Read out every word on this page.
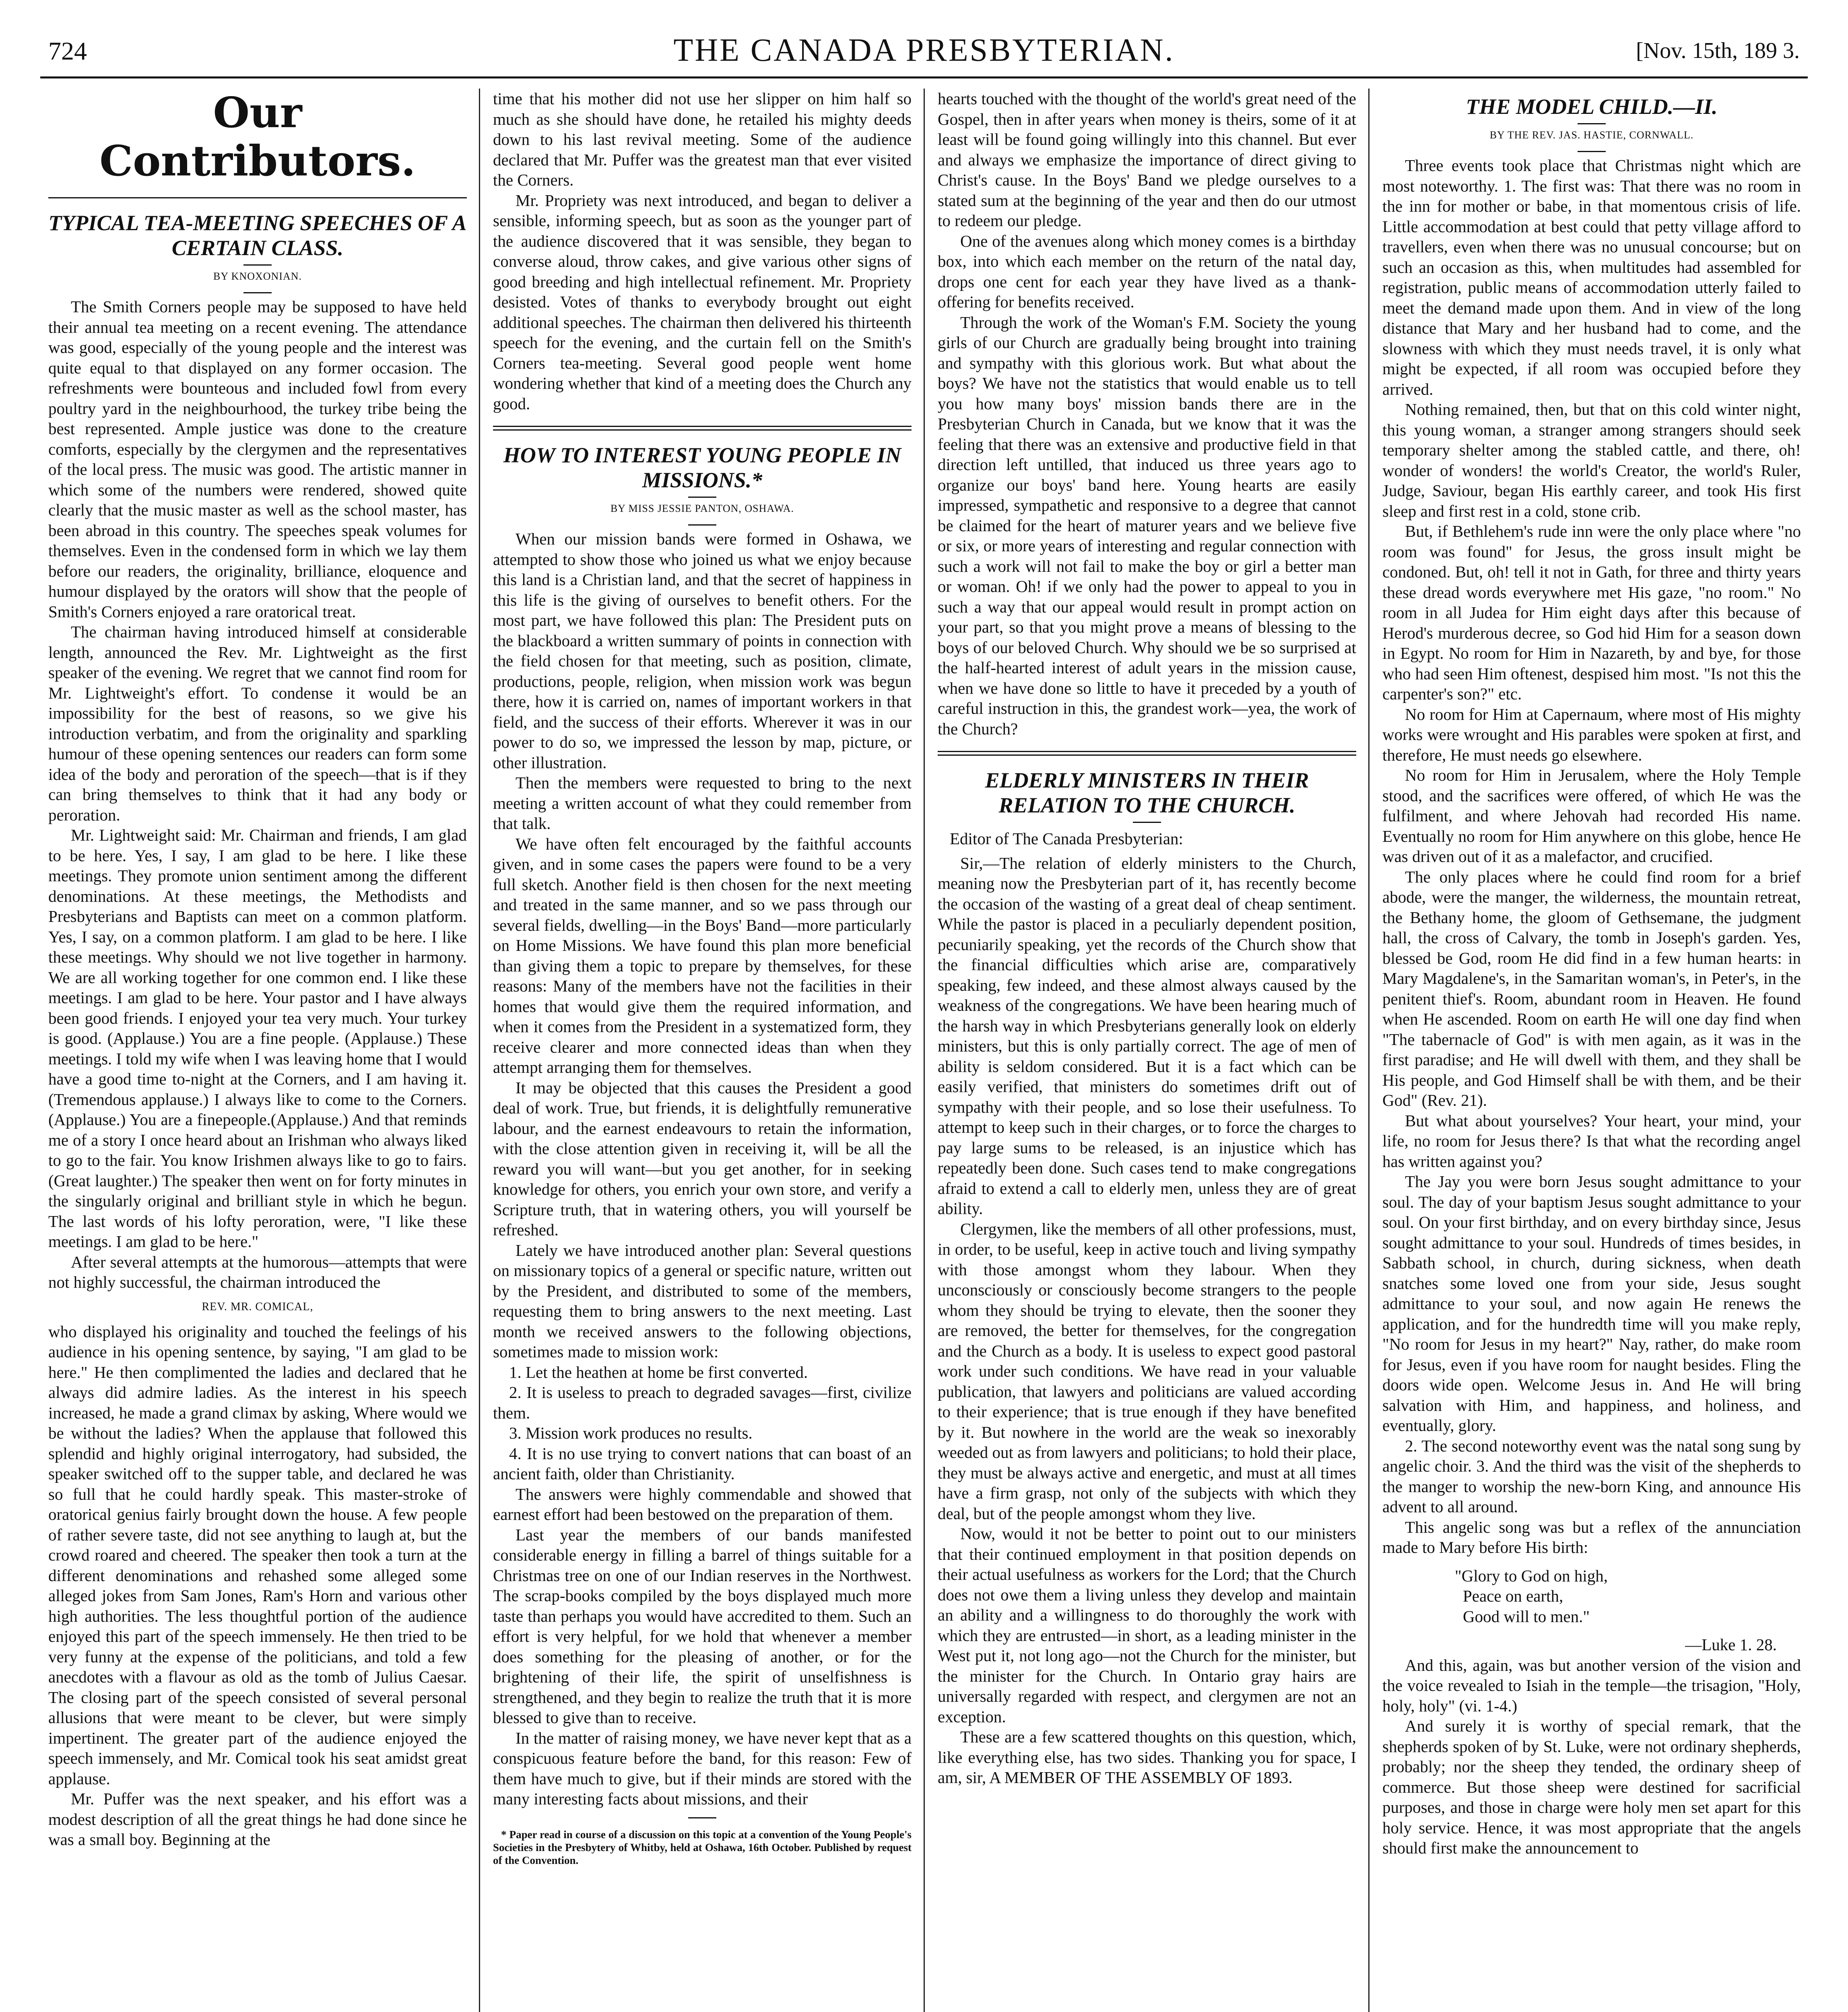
724	THE CANADA PRESBYTERIAN.	[Nov. 15th, 189 3.
Our Contributors.
TYPICAL TEA-MEETING SPEECHES OF A CERTAIN CLASS.
BY KNOXONIAN.

The Smith Corners people may be supposed to have held their annual tea meeting on a recent evening. The attendance was good, especially of the young people and the interest was quite equal to that displayed on any former occasion. The refreshments were bounteous and included fowl from every poultry yard in the neighbourhood, the turkey tribe being the best represented. Ample justice was done to the creature comforts, especially by the clergymen and the representatives of the local press. The music was good. The artistic manner in which some of the numbers were rendered, showed quite clearly that the music master as well as the school master, has been abroad in this country. The speeches speak volumes for themselves. Even in the condensed form in which we lay them before our readers, the originality, brilliance, eloquence and humour displayed by the orators will show that the people of Smith's Corners enjoyed a rare oratorical treat.

The chairman having introduced himself at considerable length, announced the Rev. Mr. Lightweight as the first speaker of the evening. We regret that we cannot find room for Mr. Lightweight's effort. To condense it would be an impossibility for the best of reasons, so we give his introduction verbatim, and from the originality and sparkling humour of these opening sentences our readers can form some idea of the body and peroration of the speech—that is if they can bring themselves to think that it had any body or peroration.

Mr. Lightweight said: Mr. Chairman and friends, I am glad to be here. Yes, I say, I am glad to be here. I like these meetings. They promote union sentiment among the different denominations. At these meetings, the Methodists and Presbyterians and Baptists can meet on a common platform. Yes, I say, on a common platform. I am glad to be here. I like these meetings. Why should we not live together in harmony. We are all working together for one common end. I like these meetings. I am glad to be here. Your pastor and I have always been good friends. I enjoyed your tea very much. Your turkey is good. (Applause.) You are a fine people. (Applause.) These meetings. I told my wife when I was leaving home that I would have a good time to-night at the Corners, and I am having it. (Tremendous applause.) I always like to come to the Corners. (Applause.) You are a finepeople.(Applause.) And that reminds me of a story I once heard about an Irishman who always liked to go to the fair. You know Irishmen always like to go to fairs. (Great laughter.) The speaker then went on for forty minutes in the singularly original and brilliant style in which he begun. The last words of his lofty peroration, were, "I like these meetings. I am glad to be here."

After several attempts at the humorous—attempts that were not highly successful, the chairman introduced the

REV. MR. COMICAL,

who displayed his originality and touched the feelings of his audience in his opening sentence, by saying, "I am glad to be here." He then complimented the ladies and declared that he always did admire ladies. As the interest in his speech increased, he made a grand climax by asking, Where would we be without the ladies? When the applause that followed this splendid and highly original interrogatory, had subsided, the speaker switched off to the supper table, and declared he was so full that he could hardly speak. This master-stroke of oratorical genius fairly brought down the house. A few people of rather severe taste, did not see anything to laugh at, but the crowd roared and cheered. The speaker then took a turn at the different denominations and rehashed some alleged some alleged jokes from Sam Jones, Ram's Horn and various other high authorities. The less thoughtful portion of the audience enjoyed this part of the speech immensely. He then tried to be very funny at the expense of the politicians, and told a few anecdotes with a flavour as old as the tomb of Julius Caesar. The closing part of the speech consisted of several personal allusions that were meant to be clever, but were simply impertinent. The greater part of the audience enjoyed the speech immensely, and Mr. Comical took his seat amidst great applause.

Mr. Puffer was the next speaker, and his effort was a modest description of all the great things he had done since he was a small boy. Beginning at the

time that his mother did not use her slipper on him half so much as she should have done, he retailed his mighty deeds down to his last revival meeting. Some of the audience declared that Mr. Puffer was the greatest man that ever visited the Corners.

Mr. Propriety was next introduced, and began to deliver a sensible, informing speech, but as soon as the younger part of the audience discovered that it was sensible, they began to converse aloud, throw cakes, and give various other signs of good breeding and high intellectual refinement. Mr. Propriety desisted. Votes of thanks to everybody brought out eight additional speeches. The chairman then delivered his thirteenth speech for the evening, and the curtain fell on the Smith's Corners tea-meeting. Several good people went home wondering whether that kind of a meeting does the Church any good.

HOW TO INTEREST YOUNG PEOPLE IN MISSIONS.*
BY MISS JESSIE PANTON, OSHAWA.

When our mission bands were formed in Oshawa, we attempted to show those who joined us what we enjoy because this land is a Christian land, and that the secret of happiness in this life is the giving of ourselves to benefit others. For the most part, we have followed this plan: The President puts on the blackboard a written summary of points in connection with the field chosen for that meeting, such as position, climate, productions, people, religion, when mission work was begun there, how it is carried on, names of important workers in that field, and the success of their efforts. Wherever it was in our power to do so, we impressed the lesson by map, picture, or other illustration.

Then the members were requested to bring to the next meeting a written account of what they could remember from that talk.

We have often felt encouraged by the faithful accounts given, and in some cases the papers were found to be a very full sketch. Another field is then chosen for the next meeting and treated in the same manner, and so we pass through our several fields, dwelling—in the Boys' Band—more particularly on Home Missions. We have found this plan more beneficial than giving them a topic to prepare by themselves, for these reasons: Many of the members have not the facilities in their homes that would give them the required information, and when it comes from the President in a systematized form, they receive clearer and more connected ideas than when they attempt arranging them for themselves.

It may be objected that this causes the President a good deal of work. True, but friends, it is delightfully remunerative labour, and the earnest endeavours to retain the information, with the close attention given in receiving it, will be all the reward you will want—but you get another, for in seeking knowledge for others, you enrich your own store, and verify a Scripture truth, that in watering others, you will yourself be refreshed.

Lately we have introduced another plan: Several questions on missionary topics of a general or specific nature, written out by the President, and distributed to some of the members, requesting them to bring answers to the next meeting. Last month we received answers to the following objections, sometimes made to mission work:

1. Let the heathen at home be first converted.

2. It is useless to preach to degraded savages—first, civilize them.

3. Mission work produces no results.

4. It is no use trying to convert nations that can boast of an ancient faith, older than Christianity.

The answers were highly commendable and showed that earnest effort had been bestowed on the preparation of them.

Last year the members of our bands manifested considerable energy in filling a barrel of things suitable for a Christmas tree on one of our Indian reserves in the Northwest. The scrap-books compiled by the boys displayed much more taste than perhaps you would have accredited to them. Such an effort is very helpful, for we hold that whenever a member does something for the pleasing of another, or for the brightening of their life, the spirit of unselfishness is strengthened, and they begin to realize the truth that it is more blessed to give than to receive.

In the matter of raising money, we have never kept that as a conspicuous feature before the band, for this reason: Few of them have much to give, but if their minds are stored with the many interesting facts about missions, and their

* Paper read in course of a discussion on this topic at a convention of the Young People's Societies in the Presbytery of Whitby, held at Oshawa, 16th October. Published by request of the Convention.

hearts touched with the thought of the world's great need of the Gospel, then in after years when money is theirs, some of it at least will be found going willingly into this channel. But ever and always we emphasize the importance of direct giving to Christ's cause. In the Boys' Band we pledge ourselves to a stated sum at the beginning of the year and then do our utmost to redeem our pledge.

One of the avenues along which money comes is a birthday box, into which each member on the return of the natal day, drops one cent for each year they have lived as a thank-offering for benefits received.

Through the work of the Woman's F.M. Society the young girls of our Church are gradually being brought into training and sympathy with this glorious work. But what about the boys? We have not the statistics that would enable us to tell you how many boys' mission bands there are in the Presbyterian Church in Canada, but we know that it was the feeling that there was an extensive and productive field in that direction left untilled, that induced us three years ago to organize our boys' band here. Young hearts are easily impressed, sympathetic and responsive to a degree that cannot be claimed for the heart of maturer years and we believe five or six, or more years of interesting and regular connection with such a work will not fail to make the boy or girl a better man or woman. Oh! if we only had the power to appeal to you in such a way that our appeal would result in prompt action on your part, so that you might prove a means of blessing to the boys of our beloved Church. Why should we be so surprised at the half-hearted interest of adult years in the mission cause, when we have done so little to have it preceded by a youth of careful instruction in this, the grandest work—yea, the work of the Church?

ELDERLY MINISTERS IN THEIR RELATION TO THE CHURCH.

Editor of The Canada Presbyterian:

Sir,—The relation of elderly ministers to the Church, meaning now the Presbyterian part of it, has recently become the occasion of the wasting of a great deal of cheap sentiment. While the pastor is placed in a peculiarly dependent position, pecuniarily speaking, yet the records of the Church show that the financial difficulties which arise are, comparatively speaking, few indeed, and these almost always caused by the weakness of the congregations. We have been hearing much of the harsh way in which Presbyterians generally look on elderly ministers, but this is only partially correct. The age of men of ability is seldom considered. But it is a fact which can be easily verified, that ministers do sometimes drift out of sympathy with their people, and so lose their usefulness. To attempt to keep such in their charges, or to force the charges to pay large sums to be released, is an injustice which has repeatedly been done. Such cases tend to make congregations afraid to extend a call to elderly men, unless they are of great ability.

Clergymen, like the members of all other professions, must, in order, to be useful, keep in active touch and living sympathy with those amongst whom they labour. When they unconsciously or consciously become strangers to the people whom they should be trying to elevate, then the sooner they are removed, the better for themselves, for the congregation and the Church as a body. It is useless to expect good pastoral work under such conditions. We have read in your valuable publication, that lawyers and politicians are valued according to their experience; that is true enough if they have benefited by it. But nowhere in the world are the weak so inexorably weeded out as from lawyers and politicians; to hold their place, they must be always active and energetic, and must at all times have a firm grasp, not only of the subjects with which they deal, but of the people amongst whom they live.

Now, would it not be better to point out to our ministers that their continued employment in that position depends on their actual usefulness as workers for the Lord; that the Church does not owe them a living unless they develop and maintain an ability and a willingness to do thoroughly the work with which they are entrusted—in short, as a leading minister in the West put it, not long ago—not the Church for the minister, but the minister for the Church. In Ontario gray hairs are universally regarded with respect, and clergymen are not an exception.

These are a few scattered thoughts on this question, which, like everything else, has two sides. Thanking you for space, I am, sir, A MEMBER OF THE ASSEMBLY OF 1893.

THE MODEL CHILD.—II.
BY THE REV. JAS. HASTIE, CORNWALL.

Three events took place that Christmas night which are most noteworthy. 1. The first was: That there was no room in the inn for mother or babe, in that momentous crisis of life. Little accommodation at best could that petty village afford to travellers, even when there was no unusual concourse; but on such an occasion as this, when multitudes had assembled for registration, public means of accommodation utterly failed to meet the demand made upon them. And in view of the long distance that Mary and her husband had to come, and the slowness with which they must needs travel, it is only what might be expected, if all room was occupied before they arrived.

Nothing remained, then, but that on this cold winter night, this young woman, a stranger among strangers should seek temporary shelter among the stabled cattle, and there, oh! wonder of wonders! the world's Creator, the world's Ruler, Judge, Saviour, began His earthly career, and took His first sleep and first rest in a cold, stone crib.

But, if Bethlehem's rude inn were the only place where "no room was found" for Jesus, the gross insult might be condoned. But, oh! tell it not in Gath, for three and thirty years these dread words everywhere met His gaze, "no room." No room in all Judea for Him eight days after this because of Herod's murderous decree, so God hid Him for a season down in Egypt. No room for Him in Nazareth, by and bye, for those who had seen Him oftenest, despised him most. "Is not this the carpenter's son?" etc.

No room for Him at Capernaum, where most of His mighty works were wrought and His parables were spoken at first, and therefore, He must needs go elsewhere.

No room for Him in Jerusalem, where the Holy Temple stood, and the sacrifices were offered, of which He was the fulfilment, and where Jehovah had recorded His name. Eventually no room for Him anywhere on this globe, hence He was driven out of it as a malefactor, and crucified.

The only places where he could find room for a brief abode, were the manger, the wilderness, the mountain retreat, the Bethany home, the gloom of Gethsemane, the judgment hall, the cross of Calvary, the tomb in Joseph's garden. Yes, blessed be God, room He did find in a few human hearts: in Mary Magdalene's, in the Samaritan woman's, in Peter's, in the penitent thief's. Room, abundant room in Heaven. He found when He ascended. Room on earth He will one day find when "The tabernacle of God" is with men again, as it was in the first paradise; and He will dwell with them, and they shall be His people, and God Himself shall be with them, and be their God" (Rev. 21).

But what about yourselves? Your heart, your mind, your life, no room for Jesus there? Is that what the recording angel has written against you?

The Jay you were born Jesus sought admittance to your soul. The day of your baptism Jesus sought admittance to your soul. On your first birthday, and on every birthday since, Jesus sought admittance to your soul. Hundreds of times besides, in Sabbath school, in church, during sickness, when death snatches some loved one from your side, Jesus sought admittance to your soul, and now again He renews the application, and for the hundredth time will you make reply, "No room for Jesus in my heart?" Nay, rather, do make room for Jesus, even if you have room for naught besides. Fling the doors wide open. Welcome Jesus in. And He will bring salvation with Him, and happiness, and holiness, and eventually, glory.

2. The second noteworthy event was the natal song sung by angelic choir. 3. And the third was the visit of the shepherds to the manger to worship the new-born King, and announce His advent to all around.

This angelic song was but a reflex of the annunciation made to Mary before His birth:

"Glory to God on high,
Peace on earth,
Good will to men."
—Luke 1. 28.

And this, again, was but another version of the vision and the voice revealed to Isiah in the temple—the trisagion, "Holy, holy, holy" (vi. 1-4.)

And surely it is worthy of special remark, that the shepherds spoken of by St. Luke, were not ordinary shepherds, probably; nor the sheep they tended, the ordinary sheep of commerce. But those sheep were destined for sacrificial purposes, and those in charge were holy men set apart for this holy service. Hence, it was most appropriate that the angels should first make the announcement to
